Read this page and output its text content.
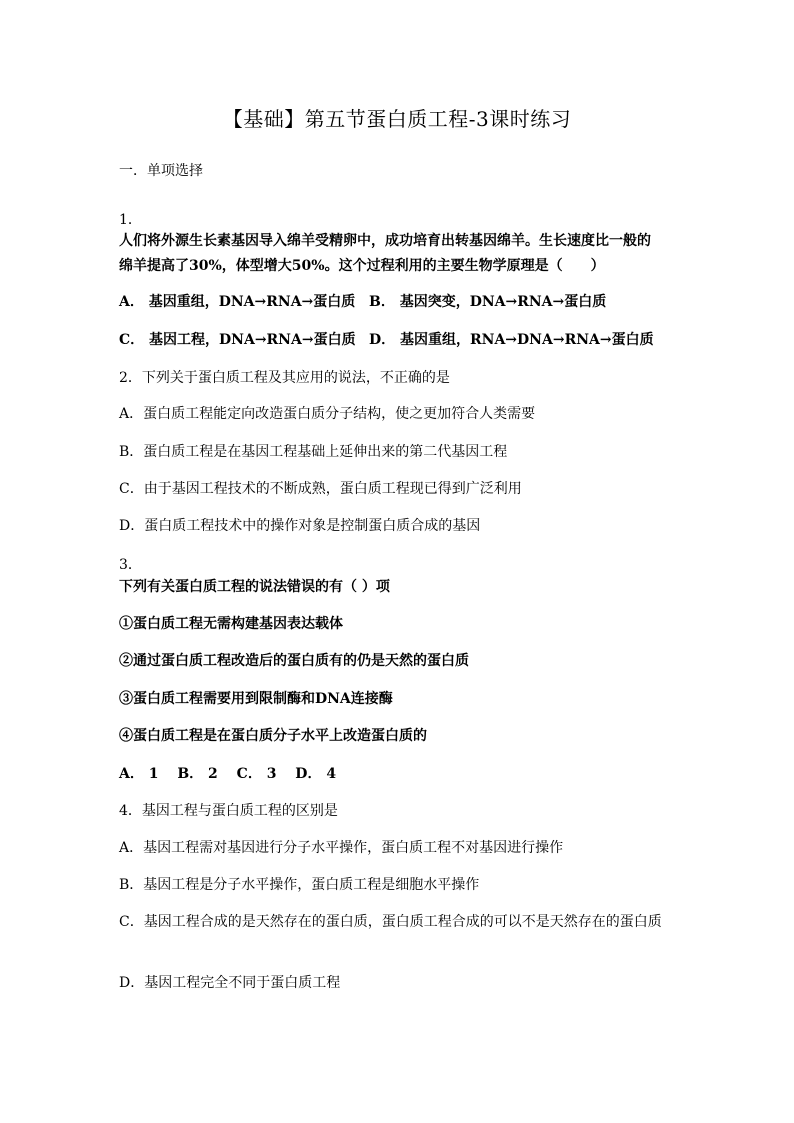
【基础】第五节蛋白质工程-3课时练习

一．单项选择

1．

人们将外源生长素基因导入绵羊受精卵中，成功培育出转基因绵羊。生长速度比一般的

绵羊提高了30%，体型增大50%。这个过程利用的主要生物学原理是（　　）

A． 基因重组，DNA→RNA→蛋白质 B． 基因突变，DNA→RNA→蛋白质

C． 基因工程，DNA→RNA→蛋白质 D． 基因重组，RNA→DNA→RNA→蛋白质

2．下列关于蛋白质工程及其应用的说法，不正确的是

A．蛋白质工程能定向改造蛋白质分子结构，使之更加符合人类需要

B．蛋白质工程是在基因工程基础上延伸出来的第二代基因工程

C．由于基因工程技术的不断成熟，蛋白质工程现已得到广泛利用

D．蛋白质工程技术中的操作对象是控制蛋白质合成的基因

3．

下列有关蛋白质工程的说法错误的有（ ）项

①蛋白质工程无需构建基因表达载体

②通过蛋白质工程改造后的蛋白质有的仍是天然的蛋白质

③蛋白质工程需要用到限制酶和DNA连接酶

④蛋白质工程是在蛋白质分子水平上改造蛋白质的

A． 1　 B． 2　 C． 3　 D． 4

4．基因工程与蛋白质工程的区别是

A．基因工程需对基因进行分子水平操作，蛋白质工程不对基因进行操作

B．基因工程是分子水平操作，蛋白质工程是细胞水平操作

C．基因工程合成的是天然存在的蛋白质，蛋白质工程合成的可以不是天然存在的蛋白质

D．基因工程完全不同于蛋白质工程
